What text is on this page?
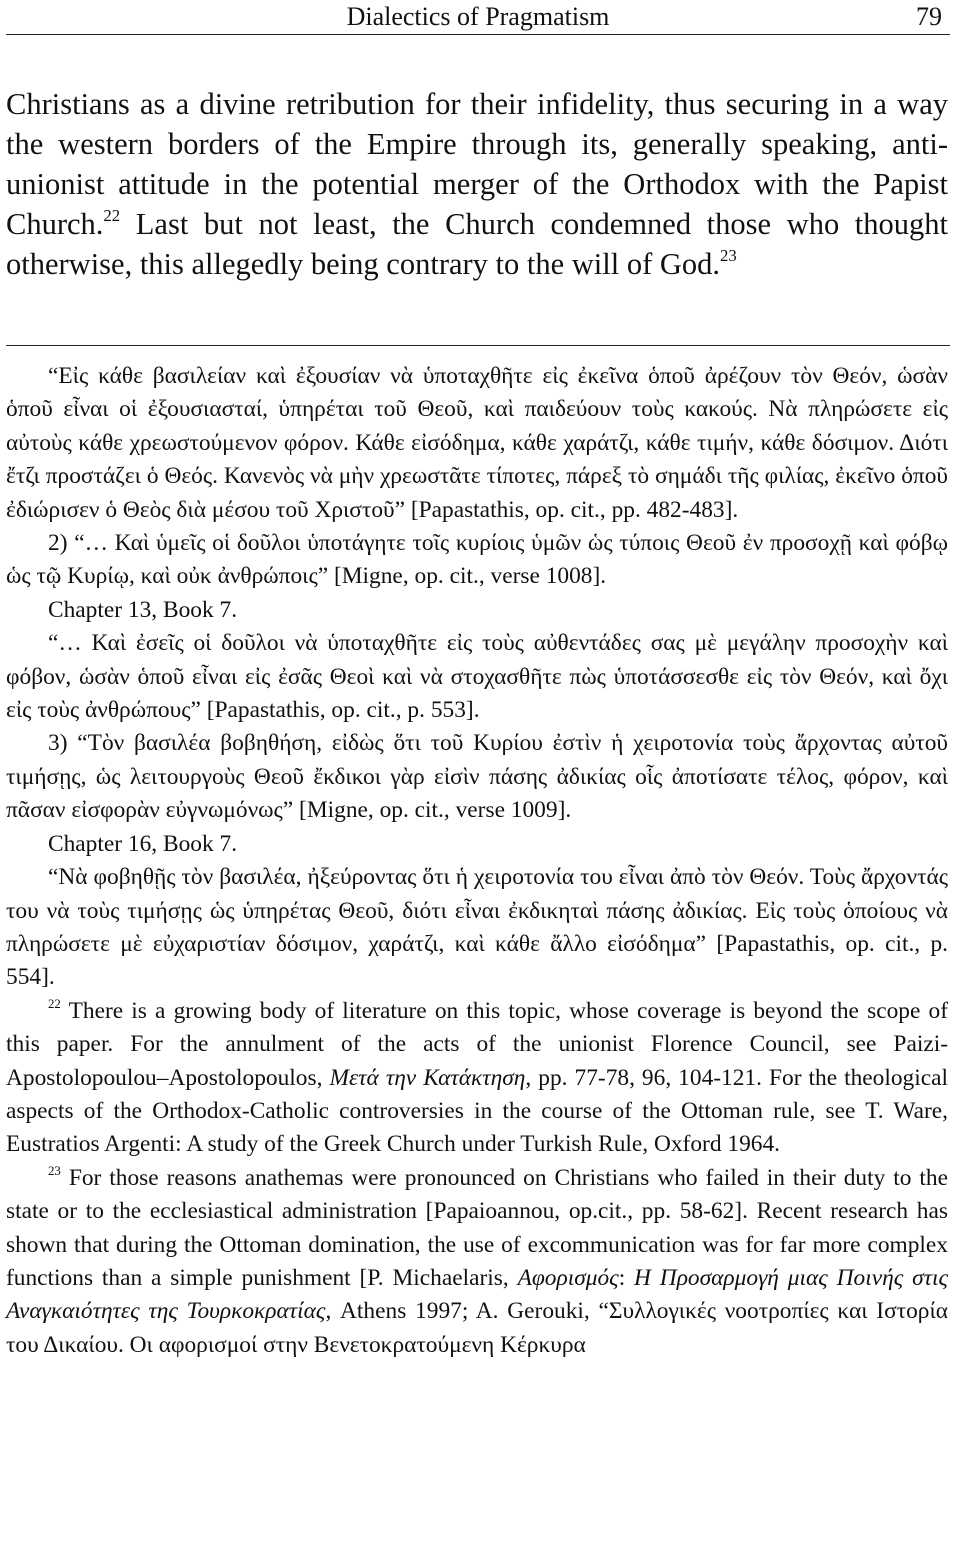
Dialectics of Pragmatism	79

Christians as a divine retribution for their infidelity, thus securing in a way the western borders of the Empire through its, generally speaking, anti-unionist attitude in the potential merger of the Orthodox with the Papist Church.$^{22}$ Last but not least, the Church condemned those who thought otherwise, this allegedly being contrary to the will of God.$^{23}$

“Εἰς κάθε βασιλείαν καὶ ἐξουσίαν νὰ ὑποταχθῆτε εἰς ἐκεῖνα ὁποῦ ἀρέζουν τὸν Θεόν, ὡσὰν ὁποῦ εἶναι οἱ ἐξουσιασταί, ὑπηρέται τοῦ Θεοῦ, καὶ παιδεύουν τοὺς κακούς. Νὰ πληρώσετε εἰς αὐτοὺς κάθε χρεωστούμενον φόρον. Κάθε εἰσόδημα, κάθε χαράτζι, κάθε τιμήν, κάθε δόσιμον. Διότι ἔτζι προστάζει ὁ Θεός. Κανενὸς νὰ μὴν χρεωστᾶτε τίποτες, πάρεξ τὸ σημάδι τῆς φιλίας, ἐκεῖνο ὁποῦ ἐδιώρισεν ὁ Θεὸς διὰ μέσου τοῦ Χριστοῦ” [Papastathis, op. cit., pp. 482-483].

2) “… Καὶ ὑμεῖς οἱ δοῦλοι ὑποτάγητε τοῖς κυρίοις ὑμῶν ὡς τύποις Θεοῦ ἐν προσοχῇ καὶ φόβῳ ὡς τῷ Κυρίῳ, καὶ οὐκ ἀνθρώποις” [Migne, op. cit., verse 1008].

Chapter 13, Book 7.

“… Καὶ ἐσεῖς οἱ δοῦλοι νὰ ὑποταχθῆτε εἰς τοὺς αὐθεντάδες σας μὲ μεγάλην προσοχὴν καὶ φόβον, ὡσὰν ὁποῦ εἶναι εἰς ἐσᾶς Θεοὶ καὶ νὰ στοχασθῆτε πὼς ὑποτάσσεσθε εἰς τὸν Θεόν, καὶ ὄχι εἰς τοὺς ἀνθρώπους” [Papastathis, op. cit., p. 553].

3) “Τὸν βασιλέα βοβηθήση, εἰδὼς ὅτι τοῦ Κυρίου ἐστὶν ἡ χειροτονία τοὺς ἄρχοντας αὐτοῦ τιμήσῃς, ὡς λειτουργοὺς Θεοῦ ἔκδικοι γὰρ εἰσὶν πάσης ἀδικίας οἷς ἀποτίσατε τέλος, φόρον, καὶ πᾶσαν εἰσφορὰν εὐγνωμόνως” [Migne, op. cit., verse 1009].

Chapter 16, Book 7.

“Νὰ φοβηθῇς τὸν βασιλέα, ἠξεύροντας ὅτι ἡ χειροτονία του εἶναι ἀπὸ τὸν Θεόν. Τοὺς ἄρχοντάς του νὰ τοὺς τιμήσῃς ὡς ὑπηρέτας Θεοῦ, διότι εἶναι ἐκδικηταὶ πάσης ἀδικίας. Εἰς τοὺς ὁποίους νὰ πληρώσετε μὲ εὐχαριστίαν δόσιμον, χαράτζι, καὶ κάθε ἄλλο εἰσόδημα” [Papastathis, op. cit., p. 554].

$^{22}$ There is a growing body of literature on this topic, whose coverage is beyond the scope of this paper. For the annulment of the acts of the unionist Florence Council, see Paizi-Apostolopoulou–Apostolopoulos, Μετά την Κατάκτηση, pp. 77-78, 96, 104-121. For the theological aspects of the Orthodox-Catholic controversies in the course of the Ottoman rule, see T. Ware, Eustratios Argenti: A study of the Greek Church under Turkish Rule, Oxford 1964.

$^{23}$ For those reasons anathemas were pronounced on Christians who failed in their duty to the state or to the ecclesiastical administration [Papaioannou, op.cit., pp. 58-62]. Recent research has shown that during the Ottoman domination, the use of excommunication was for far more complex functions than a simple punishment [P. Michaelaris, Αφορισμός: Η Προσαρμογή μιας Ποινής στις Αναγκαιότητες της Τουρκοκρατίας, Athens 1997; A. Gerouki, “Συλλογικές νοοτροπίες και Ιστορία του Δικαίου. Οι αφορισμοί στην Βενετοκρατούμενη Κέρκυρα
